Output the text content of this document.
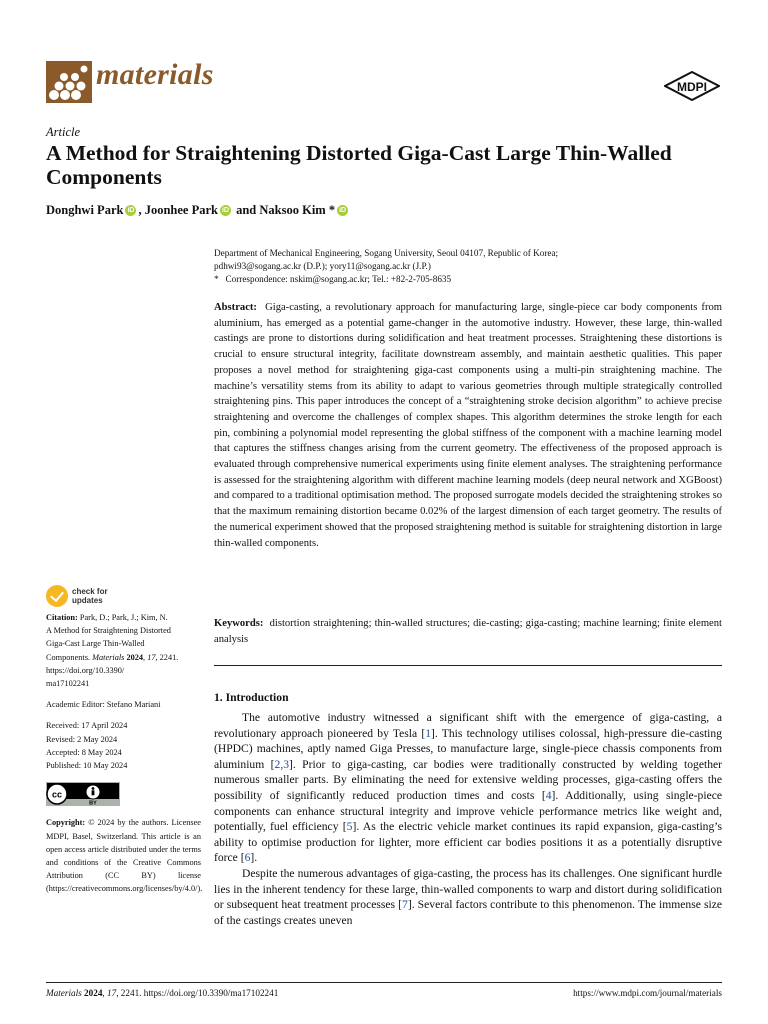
materials	MDPI
Article
A Method for Straightening Distorted Giga-Cast Large Thin-Walled Components
Donghwi Park iD , Joonhee Park iD and Naksoo Kim * iD
Department of Mechanical Engineering, Sogang University, Seoul 04107, Republic of Korea;
pdhwi93@sogang.ac.kr (D.P.); yory11@sogang.ac.kr (J.P.)
*   Correspondence: nskim@sogang.ac.kr; Tel.: +82-2-705-8635
Abstract: Giga-casting, a revolutionary approach for manufacturing large, single-piece car body components from aluminium, has emerged as a potential game-changer in the automotive industry. However, these large, thin-walled castings are prone to distortions during solidification and heat treatment processes. Straightening these distortions is crucial to ensure structural integrity, facilitate downstream assembly, and maintain aesthetic qualities. This paper proposes a novel method for straightening giga-cast components using a multi-pin straightening machine. The machine’s versatility stems from its ability to adapt to various geometries through multiple strategically controlled straightening pins. This paper introduces the concept of a “straightening stroke decision algorithm” to achieve precise straightening and overcome the challenges of complex shapes. This algorithm determines the stroke length for each pin, combining a polynomial model representing the global stiffness of the component with a machine learning model that captures the stiffness changes arising from the current geometry. The effectiveness of the proposed approach is evaluated through comprehensive numerical experiments using finite element analyses. The straightening performance is assessed for the straightening algorithm with different machine learning models (deep neural network and XGBoost) and compared to a traditional optimisation method. The proposed surrogate models decided the straightening strokes so that the maximum remaining distortion became 0.02% of the largest dimension of each target geometry. The results of the numerical experiment showed that the proposed straightening method is suitable for straightening distortion in large thin-walled components.
Keywords: distortion straightening; thin-walled structures; die-casting; giga-casting; machine learning; finite element analysis
1. Introduction

The automotive industry witnessed a significant shift with the emergence of giga-casting, a revolutionary approach pioneered by Tesla [1]. This technology utilises colossal, high-pressure die-casting (HPDC) machines, aptly named Giga Presses, to manufacture large, single-piece chassis components from aluminium [2,3]. Prior to giga-casting, car bodies were traditionally constructed by welding together numerous smaller parts. By eliminating the need for extensive welding processes, giga-casting offers the possibility of significantly reduced production times and costs [4]. Additionally, using single-piece components can enhance structural integrity and improve vehicle performance metrics like weight and, potentially, fuel efficiency [5]. As the electric vehicle market continues its rapid expansion, giga-casting’s ability to optimise production for lighter, more efficient car bodies positions it as a potentially disruptive force [6].

Despite the numerous advantages of giga-casting, the process has its challenges. One significant hurdle lies in the inherent tendency for these large, thin-walled components to warp and distort during solidification or subsequent heat treatment processes [7]. Several factors contribute to this phenomenon. The immense size of the castings creates uneven

check for
updates
Citation: Park, D.; Park, J.; Kim, N.
A Method for Straightening Distorted
Giga-Cast Large Thin-Walled
Components. Materials 2024, 17, 2241.
https://doi.org/10.3390/
ma17102241
Academic Editor: Stefano Mariani
Received: 17 April 2024
Revised: 2 May 2024
Accepted: 8 May 2024
Published: 10 May 2024
cc
BY
Copyright: © 2024 by the authors. Licensee MDPI, Basel, Switzerland. This article is an open access article distributed under the terms and conditions of the Creative Commons Attribution (CC BY) license (https://creativecommons.org/licenses/by/4.0/).
Materials 2024, 17, 2241. https://doi.org/10.3390/ma17102241	https://www.mdpi.com/journal/materials
